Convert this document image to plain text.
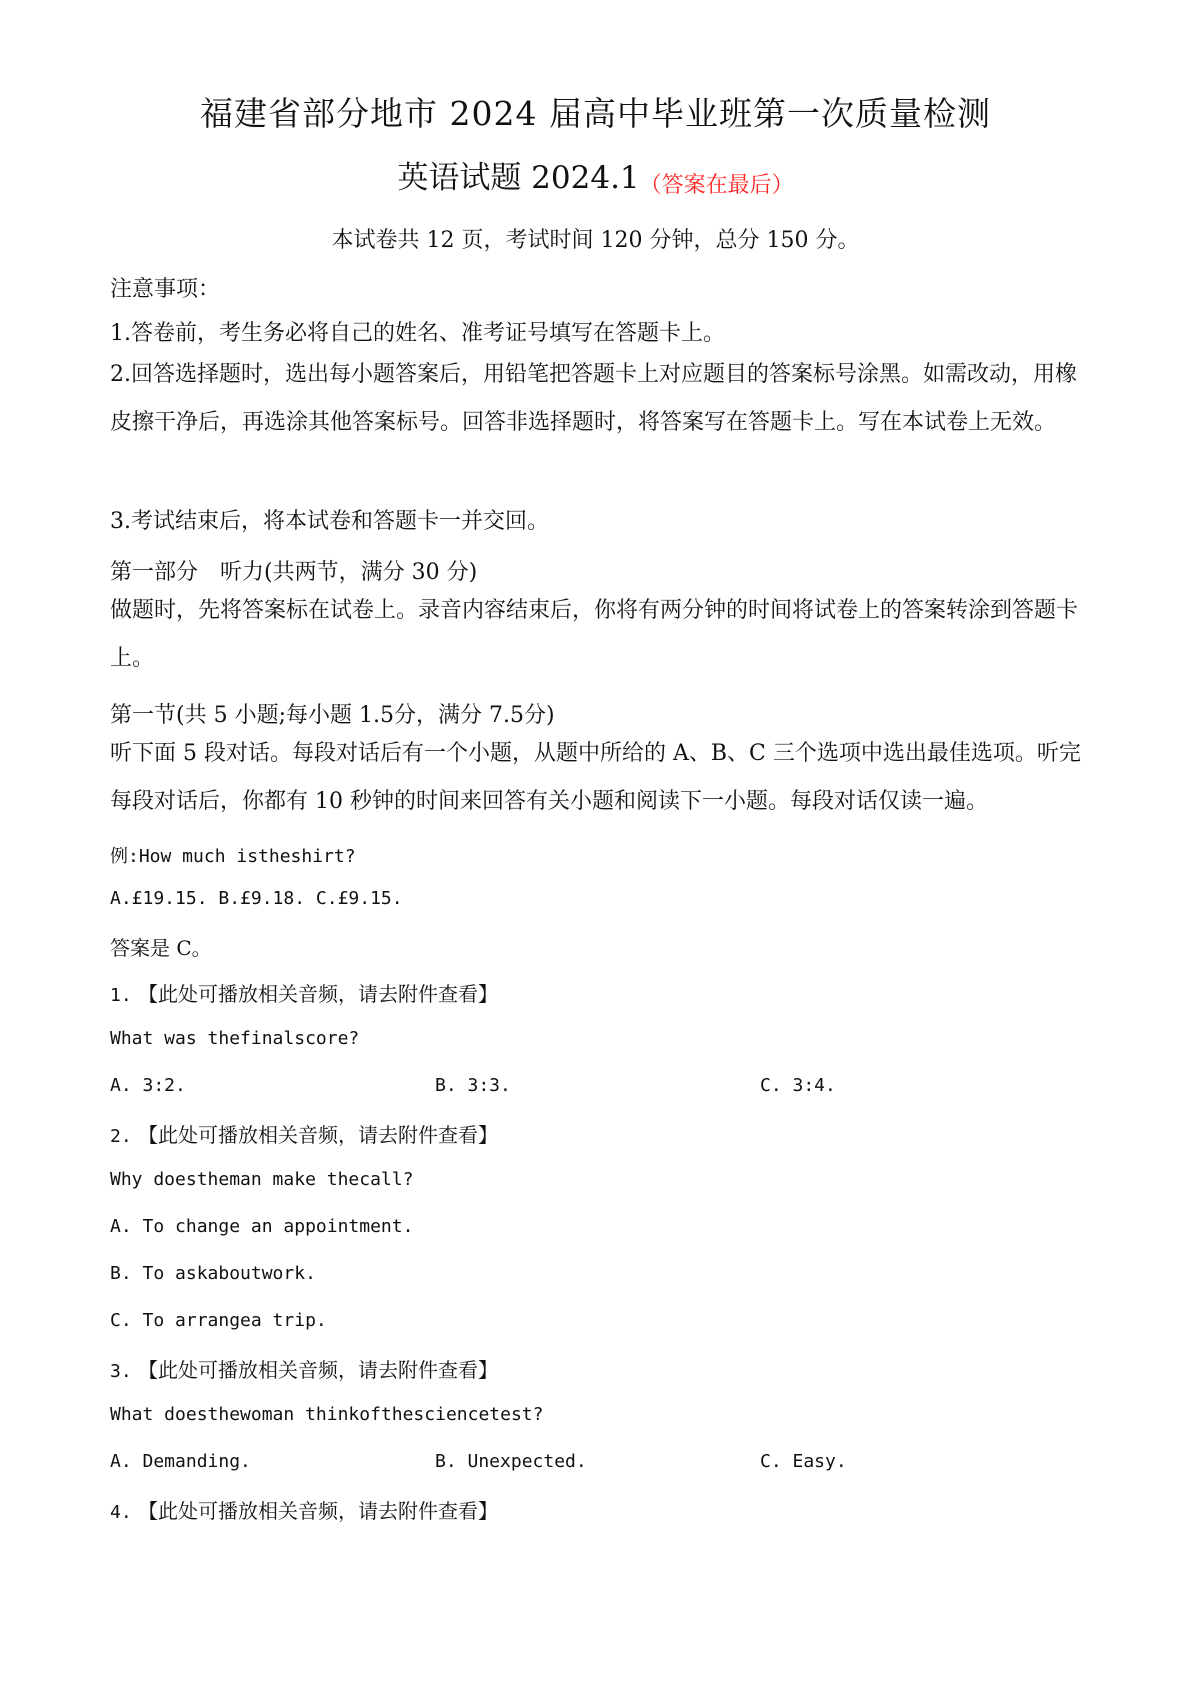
福建省部分地市 2024 届高中毕业班第一次质量检测
英语试题 2024.1（答案在最后）
本试卷共 12 页，考试时间 120 分钟，总分 150 分。
注意事项：
1.答卷前，考生务必将自己的姓名、准考证号填写在答题卡上。
2.回答选择题时，选出每小题答案后，用铅笔把答题卡上对应题目的答案标号涂黑。如需改动，用橡皮擦干净后，再选涂其他答案标号。回答非选择题时，将答案写在答题卡上。写在本试卷上无效。
3.考试结束后，将本试卷和答题卡一并交回。
第一部分　听力(共两节，满分 30 分)
做题时，先将答案标在试卷上。录音内容结束后，你将有两分钟的时间将试卷上的答案转涂到答题卡上。
第一节(共 5 小题;每小题 1.5分，满分 7.5分)
听下面 5 段对话。每段对话后有一个小题，从题中所给的 A、B、C 三个选项中选出最佳选项。听完每段对话后，你都有 10 秒钟的时间来回答有关小题和阅读下一小题。每段对话仅读一遍。
例:How much istheshirt?
A.£19.15. B.£9.18. C.£9.15.
答案是 C。
1. 【此处可播放相关音频，请去附件查看】
What was thefinalscore?
A. 3:2.	B. 3:3.	C. 3:4.
2. 【此处可播放相关音频，请去附件查看】
Why doestheman make thecall?
A. To change an appointment.
B. To askaboutwork.
C. To arrangea trip.
3. 【此处可播放相关音频，请去附件查看】
What doesthewoman thinkofthesciencetest?
A. Demanding.	B. Unexpected.	C. Easy.
4. 【此处可播放相关音频，请去附件查看】
